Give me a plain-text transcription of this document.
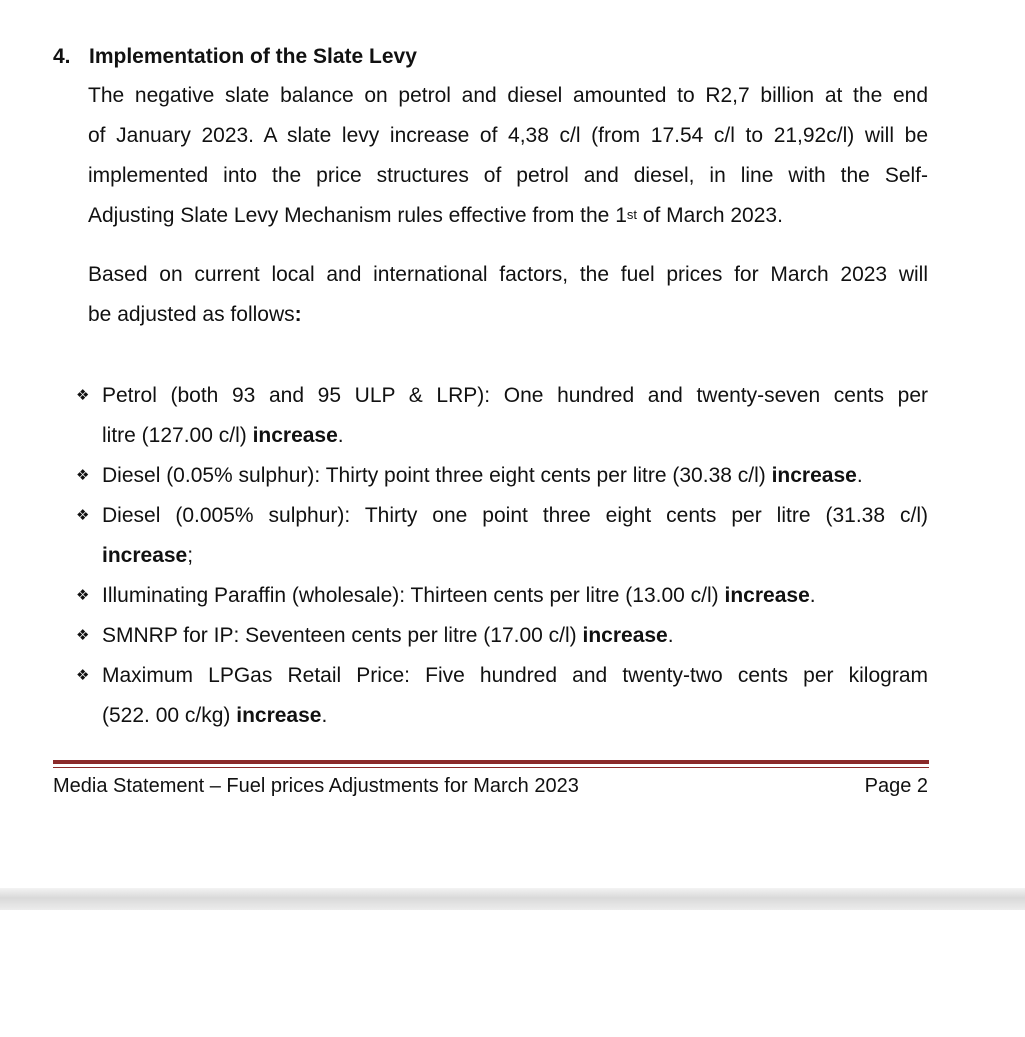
4. Implementation of the Slate Levy
The negative slate balance on petrol and diesel amounted to R2,7 billion at the end
of January 2023. A slate levy increase of 4,38 c/l (from 17.54 c/l to 21,92c/l) will be
implemented into the price structures of petrol and diesel, in line with the Self-
Adjusting Slate Levy Mechanism rules effective from the 1st of March 2023.
Based on current local and international factors, the fuel prices for March 2023 will
be adjusted as follows:
❖ Petrol (both 93 and 95 ULP & LRP): One hundred and twenty-seven cents per
litre (127.00 c/l) increase.
❖ Diesel (0.05% sulphur): Thirty point three eight cents per litre (30.38 c/l) increase.
❖ Diesel (0.005% sulphur): Thirty one point three eight cents per litre (31.38 c/l)
increase;
❖ Illuminating Paraffin (wholesale): Thirteen cents per litre (13.00 c/l) increase.
❖ SMNRP for IP: Seventeen cents per litre (17.00 c/l) increase.
❖ Maximum LPGas Retail Price: Five hundred and twenty-two cents per kilogram
(522. 00 c/kg) increase.
Media Statement – Fuel prices Adjustments for March 2023	Page 2
